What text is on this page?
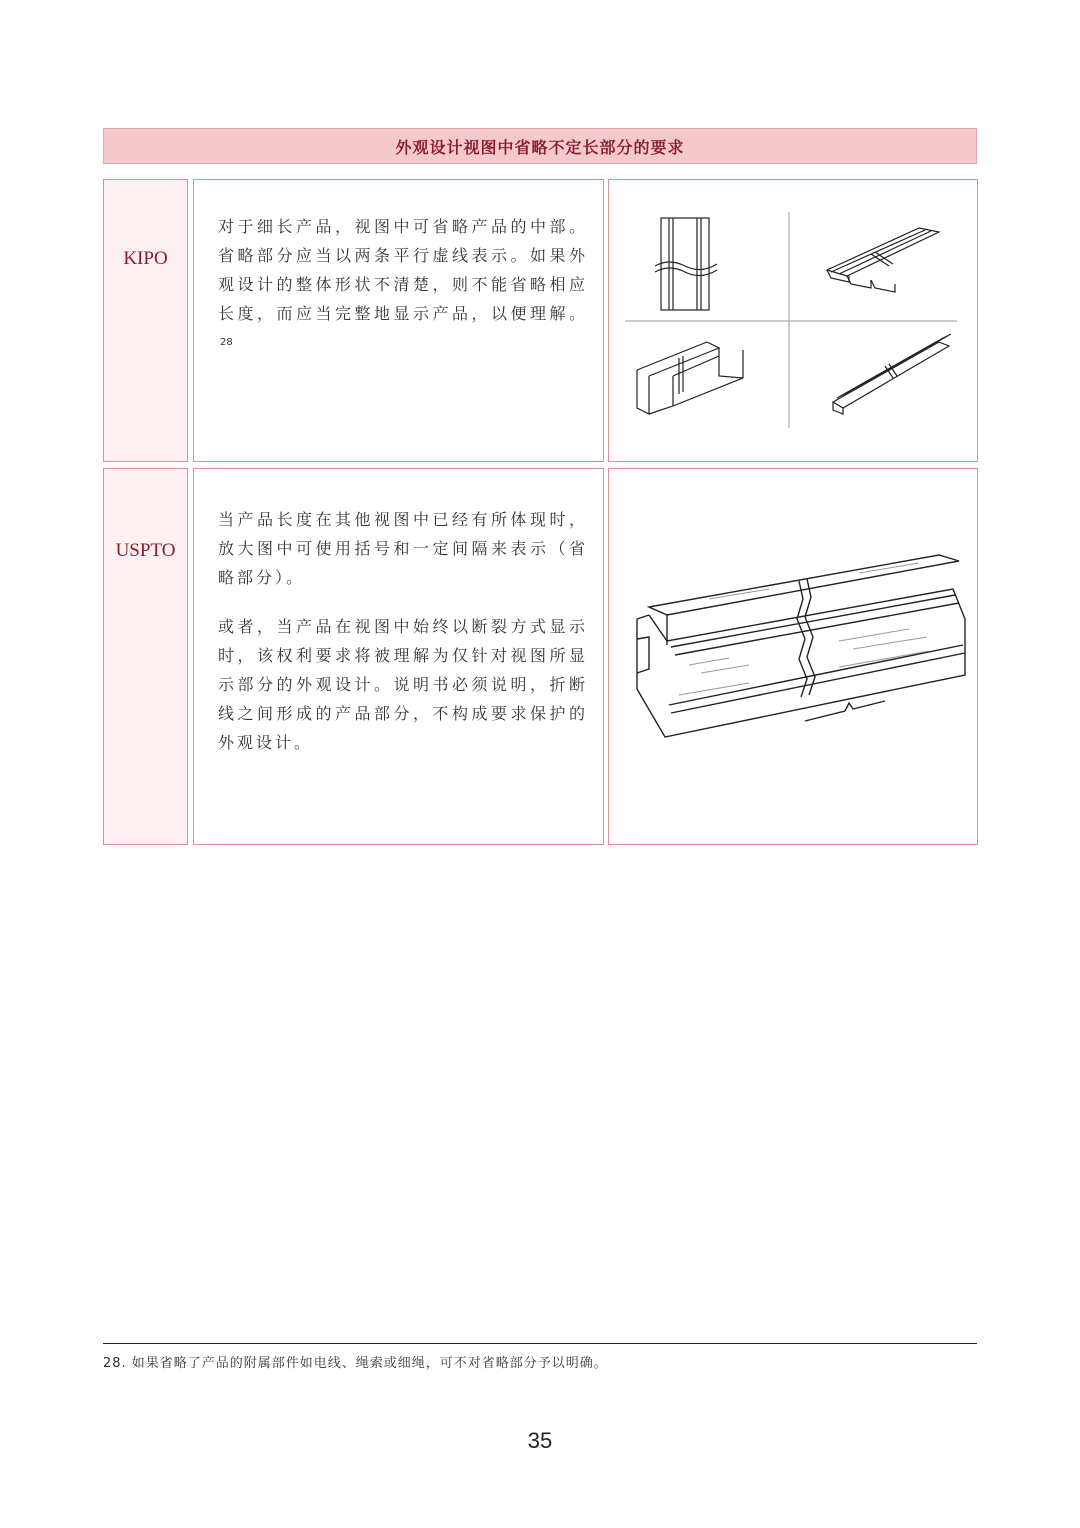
外观设计视图中省略不定长部分的要求
KIPO
对于细长产品，视图中可省略产品的中部。省略部分应当以两条平行虚线表示。如果外观设计的整体形状不清楚，则不能省略相应长度，而应当完整地显示产品，以便理解。$^{28}$
USPTO
当产品长度在其他视图中已经有所体现时，放大图中可使用括号和一定间隔来表示（省略部分）。
或者，当产品在视图中始终以断裂方式显示时，该权利要求将被理解为仅针对视图所显示部分的外观设计。说明书必须说明，折断线之间形成的产品部分，不构成要求保护的外观设计。
28. 如果省略了产品的附属部件如电线、绳索或细绳，可不对省略部分予以明确。
35
